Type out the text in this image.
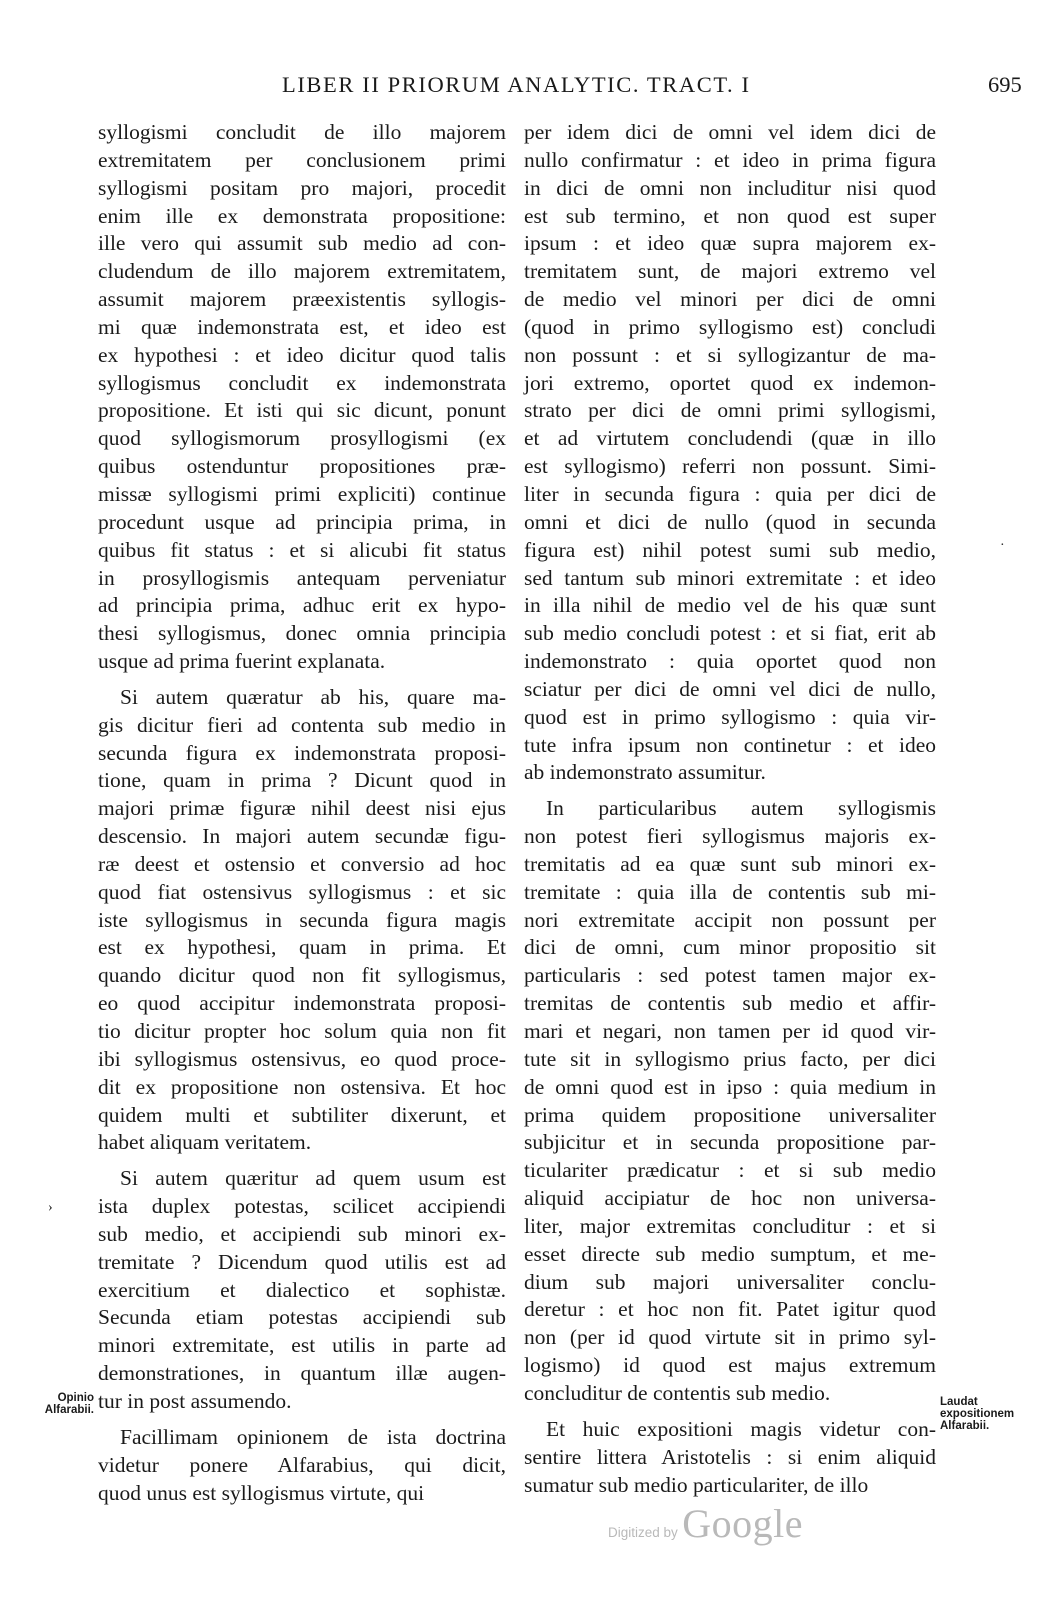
LIBER II PRIORUM ANALYTIC. TRACT. I	695
syllogismi concludit de illo majorem
extremitatem per conclusionem primi
syllogismi positam pro majori, procedit
enim ille ex demonstrata propositione:
ille vero qui assumit sub medio ad con-
cludendum de illo majorem extremitatem,
assumit majorem præexistentis syllogis-
mi quæ indemonstrata est, et ideo est
ex hypothesi : et ideo dicitur quod talis
syllogismus concludit ex indemonstrata
propositione. Et isti qui sic dicunt, ponunt
quod syllogismorum prosyllogismi (ex
quibus ostenduntur propositiones præ-
missæ syllogismi primi expliciti) continue
procedunt usque ad principia prima, in
quibus fit status : et si alicubi fit status
in prosyllogismis antequam perveniatur
ad principia prima, adhuc erit ex hypo-
thesi syllogismus, donec omnia principia
usque ad prima fuerint explanata.
Si autem quæratur ab his, quare ma-
gis dicitur fieri ad contenta sub medio in
secunda figura ex indemonstrata proposi-
tione, quam in prima ? Dicunt quod in
majori primæ figuræ nihil deest nisi ejus
descensio. In majori autem secundæ figu-
ræ deest et ostensio et conversio ad hoc
quod fiat ostensivus syllogismus : et sic
iste syllogismus in secunda figura magis
est ex hypothesi, quam in prima. Et
quando dicitur quod non fit syllogismus,
eo quod accipitur indemonstrata proposi-
tio dicitur propter hoc solum quia non fit
ibi syllogismus ostensivus, eo quod proce-
dit ex propositione non ostensiva. Et hoc
quidem multi et subtiliter dixerunt, et
habet aliquam veritatem.
Si autem quæritur ad quem usum est
ista duplex potestas, scilicet accipiendi
sub medio, et accipiendi sub minori ex-
tremitate ? Dicendum quod utilis est ad
exercitium et dialectico et sophistæ.
Secunda etiam potestas accipiendi sub
minori extremitate, est utilis in parte ad
demonstrationes, in quantum illæ augen-
tur in post assumendo.
Facillimam opinionem de ista doctrina
videtur ponere Alfarabius, qui dicit,
quod unus est syllogismus virtute, qui
per idem dici de omni vel idem dici de
nullo confirmatur : et ideo in prima figura
in dici de omni non includitur nisi quod
est sub termino, et non quod est super
ipsum : et ideo quæ supra majorem ex-
tremitatem sunt, de majori extremo vel
de medio vel minori per dici de omni
(quod in primo syllogismo est) concludi
non possunt : et si syllogizantur de ma-
jori extremo, oportet quod ex indemon-
strato per dici de omni primi syllogismi,
et ad virtutem concludendi (quæ in illo
est syllogismo) referri non possunt. Simi-
liter in secunda figura : quia per dici de
omni et dici de nullo (quod in secunda
figura est) nihil potest sumi sub medio,
sed tantum sub minori extremitate : et ideo
in illa nihil de medio vel de his quæ sunt
sub medio concludi potest : et si fiat, erit ab
indemonstrato : quia oportet quod non
sciatur per dici de omni vel dici de nullo,
quod est in primo syllogismo : quia vir-
tute infra ipsum non continetur : et ideo
ab indemonstrato assumitur.
In particularibus autem syllogismis
non potest fieri syllogismus majoris ex-
tremitatis ad ea quæ sunt sub minori ex-
tremitate : quia illa de contentis sub mi-
nori extremitate accipit non possunt per
dici de omni, cum minor propositio sit
particularis : sed potest tamen major ex-
tremitas de contentis sub medio et affir-
mari et negari, non tamen per id quod vir-
tute sit in syllogismo prius facto, per dici
de omni quod est in ipso : quia medium in
prima quidem propositione universaliter
subjicitur et in secunda propositione par-
ticulariter prædicatur : et si sub medio
aliquid accipiatur de hoc non universa-
liter, major extremitas concluditur : et si
esset directe sub medio sumptum, et me-
dium sub majori universaliter conclu-
deretur : et hoc non fit. Patet igitur quod
non (per id quod virtute sit in primo syl-
logismo) id quod est majus extremum
concluditur de contentis sub medio.
Et huic expositioni magis videtur con-
sentire littera Aristotelis : si enim aliquid
sumatur sub medio particulariter, de illo
Opinio Alfarabii.
Laudat expositionem Alfarabii.
·
›
Digitized by Google
